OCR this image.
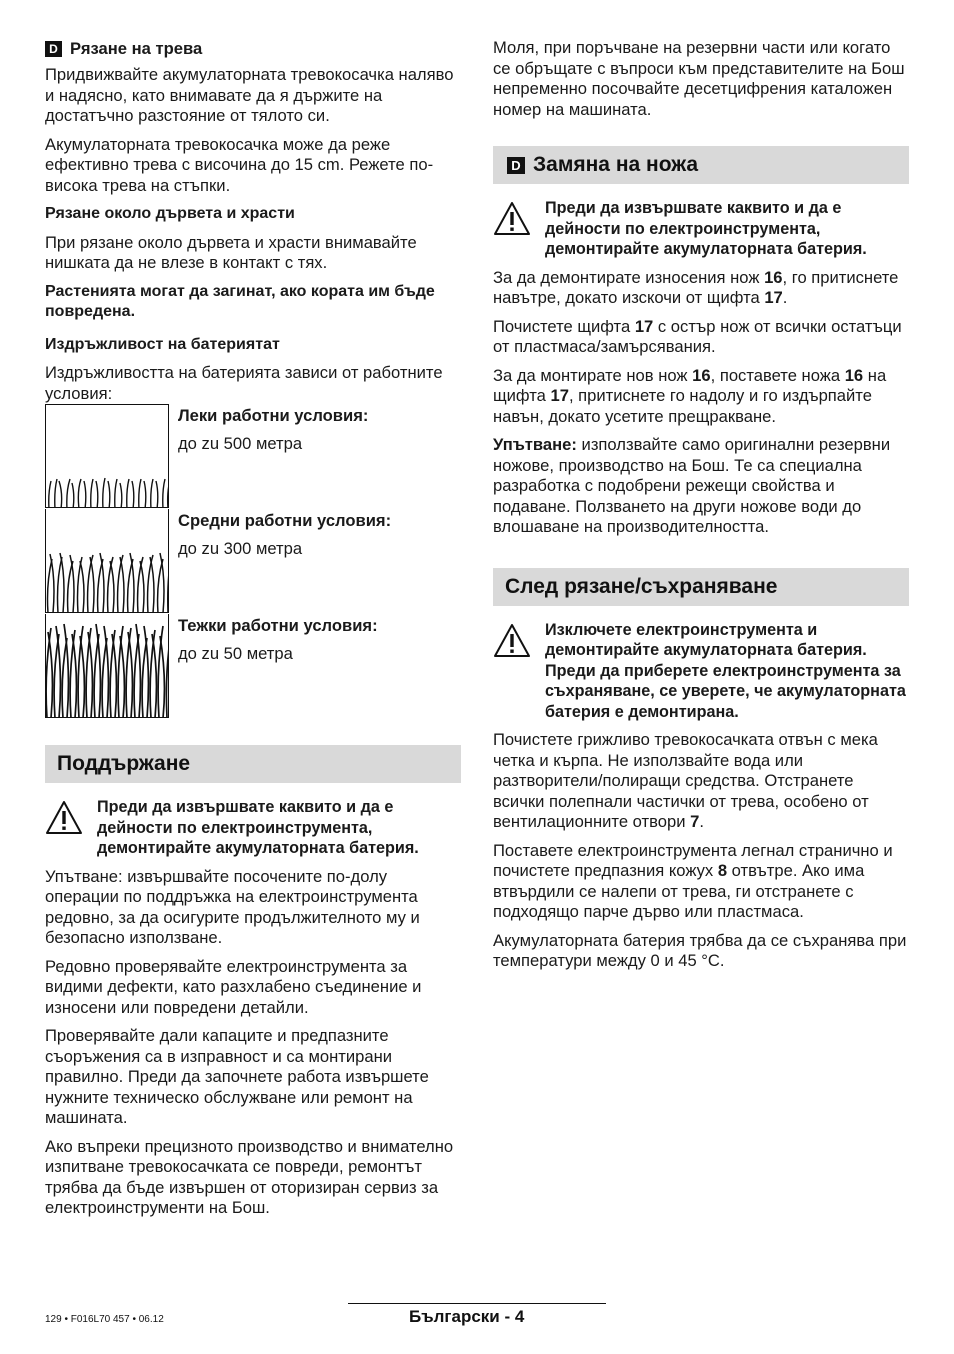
D Рязане на трева

Придвижвайте акумулаторната тревокосачка наляво и надясно, като внимавате да я държите на достатъчно разстояние от тялото си.

Акумулаторната тревокосачка може да реже ефективно трева с височина до 15 cm. Режете по-висока трева на стъпки.

Рязане около дървета и храсти

При рязане около дървета и храсти внимавайте нишката да не влезе в контакт с тях.

Растенията могат да загинат, ако кората им бъде повредена.

Издръжливост на батериятат

Издръжливостта на батерията зависи от работните условия:

Леки работни условия:
до zu 500 метра
Средни работни условия:
до zu 300 метра
Тежки работни условия:
до zu 50 метра
Поддържане
Преди да извършвате каквито и да е дейности по електроинструмента, демонтирайте акумулаторната батерия.

Упътване: извършвайте посочените по-долу операции по поддръжка на електроинструмента редовно, за да осигурите продължителното му и безопасно използване.

Редовно проверявайте електроинструмента за видими дефекти, като разхлабено съединение и износени или повредени детайли.

Проверявайте дали капаците и предпазните съоръжения са в изправност и са монтирани правилно. Преди да започнете работа извършете нужните техническо обслужване или ремонт на машината.

Ако въпреки прецизното производство и внимателно изпитване тревокосачката се повреди, ремонтът трябва да бъде извършен от оторизиран сервиз за електроинструменти на Бош.

Моля, при поръчване на резервни части или когато се обръщате с въпроси към представителите на Бош непременно посочвайте десетцифрения каталожен номер на машината.

D Замяна на ножа
Преди да извършвате каквито и да е дейности по електроинструмента, демонтирайте акумулаторната батерия.

За да демонтирате износения нож 16, го притиснете навътре, докато изскочи от щифта 17.

Почистете щифта 17 с остър нож от всички остатъци от пластмаса/замърсявания.

За да монтирате нов нож 16, поставете ножа 16 на щифта 17, притиснете го надолу и го издърпайте навън, докато усетите прещракване.

Упътване: използвайте само оригинални резервни ножове, производство на Бош. Те са специална разработка с подобрени режещи свойства и подаване. Ползването на други ножове води до влошаване на производителността.

След рязане/съхраняване
Изключете електроинструмента и демонтирайте акумулаторната батерия. Преди да приберете електроинструмента за съхраняване, се уверете, че акумулаторната батерия е демонтирана.

Почистете грижливо тревокосачката отвън с мека четка и кърпа. Не използвайте вода или разтворители/полиращи средства. Отстранете всички полепнали частички от трева, особено от вентилационните отвори 7.

Поставете електроинструмента легнал странично и почистете предпазния кожух 8 отвътре. Ако има втвърдили се налепи от трева, ги отстранете с подходящо парче дърво или пластмаса.

Акумулаторната батерия трябва да се съхранява при температури между 0 и 45 °C.

129 • F016L70 457 • 06.12	Български - 4
